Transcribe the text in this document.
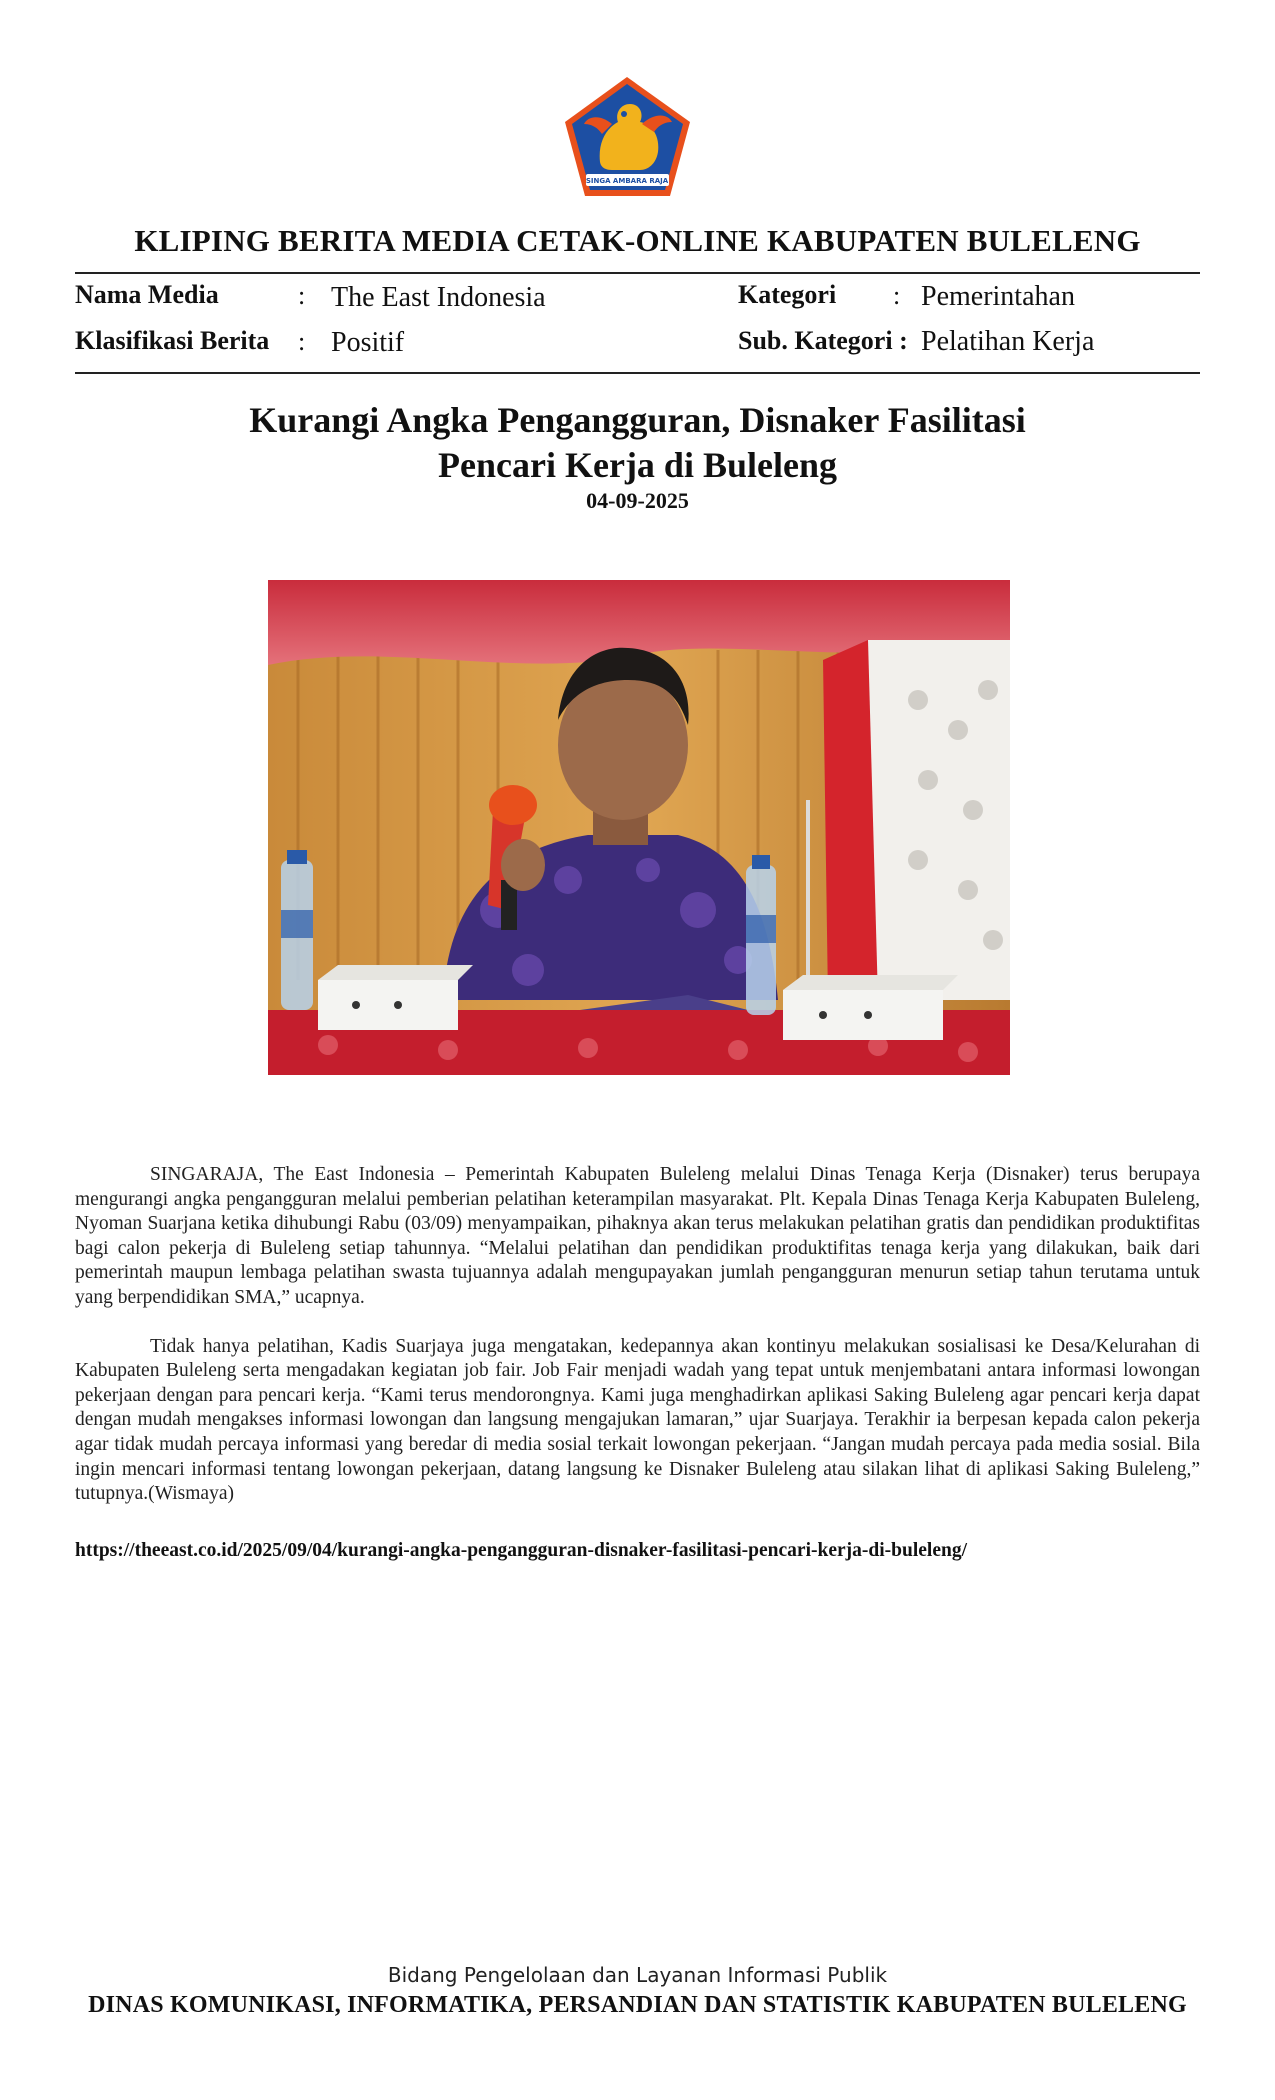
SINGA AMBARA RAJA
KLIPING BERITA MEDIA CETAK-ONLINE KABUPATEN BULELENG
Nama Media	: The East Indonesia
Klasifikasi Berita : Positif
Kategori : Pemerintahan
Sub. Kategori : Pelatihan Kerja
Kurangi Angka Pengangguran, Disnaker Fasilitasi
Pencari Kerja di Buleleng
04-09-2025

SINGARAJA, The East Indonesia – Pemerintah Kabupaten Buleleng melalui Dinas Tenaga Kerja (Disnaker) terus berupaya mengurangi angka pengangguran melalui pemberian pelatihan keterampilan masyarakat. Plt. Kepala Dinas Tenaga Kerja Kabupaten Buleleng, Nyoman Suarjana ketika dihubungi Rabu (03/09) menyampaikan, pihaknya akan terus melakukan pelatihan gratis dan pendidikan produktifitas bagi calon pekerja di Buleleng setiap tahunnya. “Melalui pelatihan dan pendidikan produktifitas tenaga kerja yang dilakukan, baik dari pemerintah maupun lembaga pelatihan swasta tujuannya adalah mengupayakan jumlah pengangguran menurun setiap tahun terutama untuk yang berpendidikan SMA,” ucapnya.

Tidak hanya pelatihan, Kadis Suarjaya juga mengatakan, kedepannya akan kontinyu melakukan sosialisasi ke Desa/Kelurahan di Kabupaten Buleleng serta mengadakan kegiatan job fair. Job Fair menjadi wadah yang tepat untuk menjembatani antara informasi lowongan pekerjaan dengan para pencari kerja. “Kami terus mendorongnya. Kami juga menghadirkan aplikasi Saking Buleleng agar pencari kerja dapat dengan mudah mengakses informasi lowongan dan langsung mengajukan lamaran,” ujar Suarjaya. Terakhir ia berpesan kepada calon pekerja agar tidak mudah percaya informasi yang beredar di media sosial terkait lowongan pekerjaan. “Jangan mudah percaya pada media sosial. Bila ingin mencari informasi tentang lowongan pekerjaan, datang langsung ke Disnaker Buleleng atau silakan lihat di aplikasi Saking Buleleng,” tutupnya.(Wismaya)

https://theeast.co.id/2025/09/04/kurangi-angka-pengangguran-disnaker-fasilitasi-pencari-kerja-di-buleleng/
Bidang Pengelolaan dan Layanan Informasi Publik
DINAS KOMUNIKASI, INFORMATIKA, PERSANDIAN DAN STATISTIK KABUPATEN BULELENG
